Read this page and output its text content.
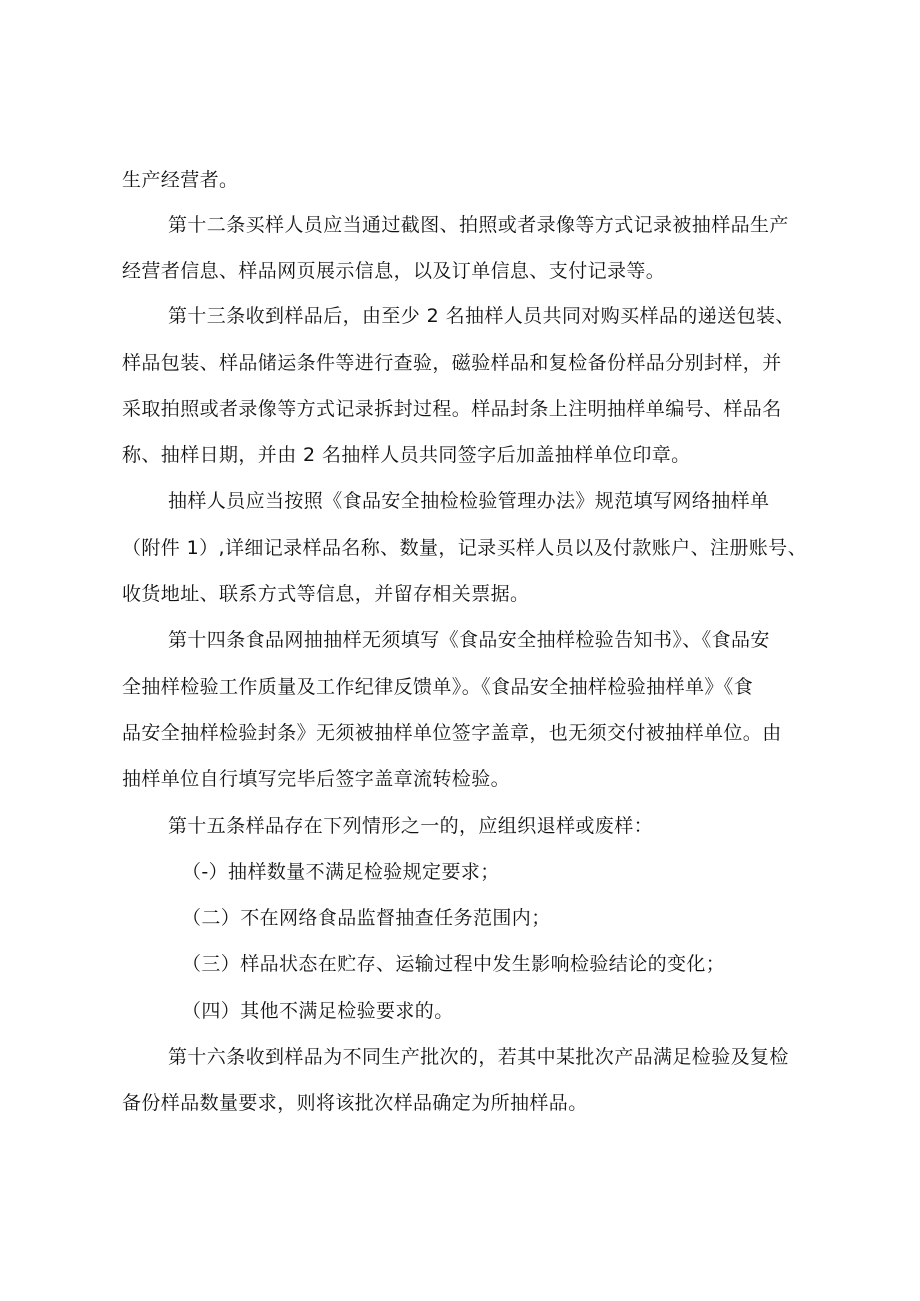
生产经营者。
第十二条买样人员应当通过截图、拍照或者录像等方式记录被抽样品生产
经营者信息、样品网页展示信息，以及订单信息、支付记录等。
第十三条收到样品后，由至少 2 名抽样人员共同对购买样品的递送包装、
样品包装、样品储运条件等进行查验，磁验样品和复检备份样品分别封样，并
采取拍照或者录像等方式记录拆封过程。样品封条上注明抽样单编号、样品名
称、抽样日期，并由 2 名抽样人员共同签字后加盖抽样单位印章。
抽样人员应当按照《食品安全抽检检验管理办法》规范填写网络抽样单
（附件 1）,详细记录样品名称、数量，记录买样人员以及付款账户、注册账号、
收货地址、联系方式等信息，并留存相关票据。
第十四条食品网抽抽样无须填写《食品安全抽样检验告知书》、《食品安
全抽样检验工作质量及工作纪律反馈单》。《食品安全抽样检验抽样单》《食
品安全抽样检验封条》无须被抽样单位签字盖章，也无须交付被抽样单位。由
抽样单位自行填写完毕后签字盖章流转检验。
第十五条样品存在下列情形之一的，应组织退样或废样：
（-）抽样数量不满足检验规定要求；
（二）不在网络食品监督抽查任务范围内；
（三）样品状态在贮存、运输过程中发生影响检验结论的变化；
（四）其他不满足检验要求的。
第十六条收到样品为不同生产批次的，若其中某批次产品满足检验及复检
备份样品数量要求，则将该批次样品确定为所抽样品。
